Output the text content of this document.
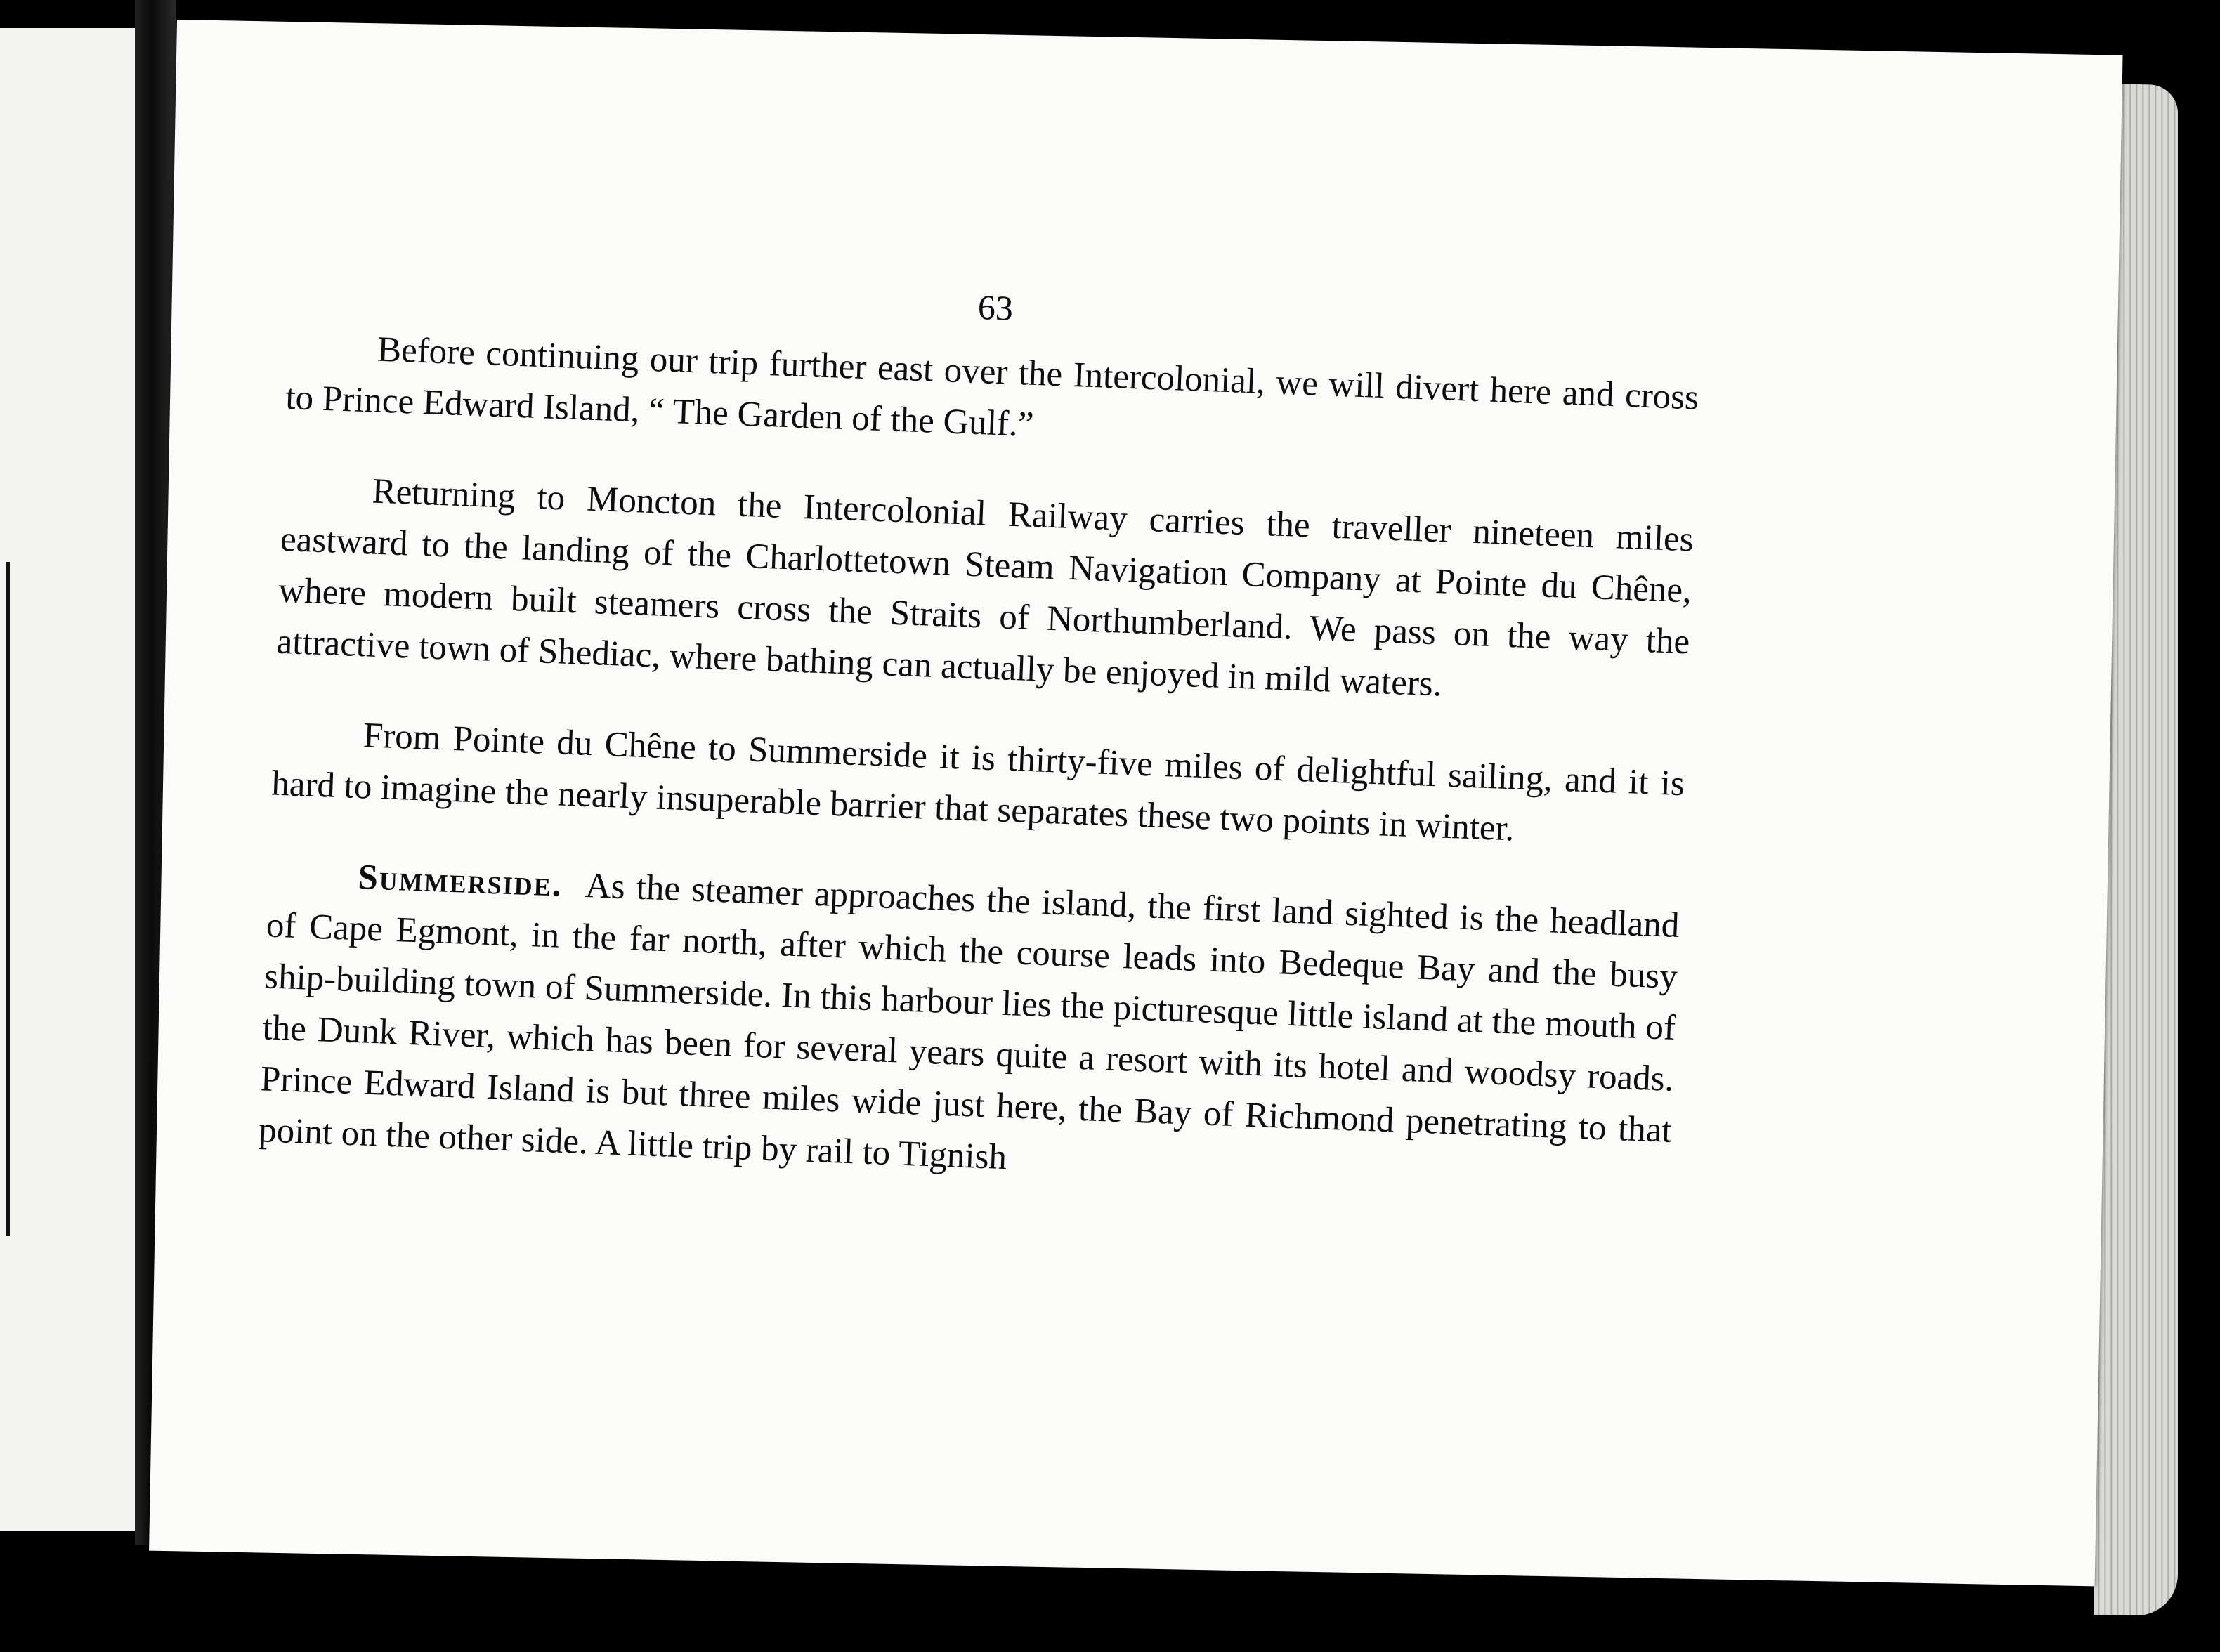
63

Before continuing our trip further east over the Intercolonial, we will divert here and cross to Prince Edward Island, “ The Garden of the Gulf.”

Returning to Moncton the Intercolonial Railway carries the traveller nineteen miles eastward to the landing of the Charlottetown Steam Navigation Company at Pointe du Chêne, where modern built steamers cross the Straits of Northumberland. We pass on the way the attractive town of Shediac, where bathing can actually be enjoyed in mild waters.

From Pointe du Chêne to Summerside it is thirty-five miles of delightful sailing, and it is hard to imagine the nearly insuperable barrier that separates these two points in winter.

Summerside. As the steamer approaches the island, the first land sighted is the headland of Cape Egmont, in the far north, after which the course leads into Bedeque Bay and the busy ship-building town of Summerside. In this harbour lies the picturesque little island at the mouth of the Dunk River, which has been for several years quite a resort with its hotel and woodsy roads. Prince Edward Island is but three miles wide just here, the Bay of Richmond penetrating to that point on the other side. A little trip by rail to Tignish
